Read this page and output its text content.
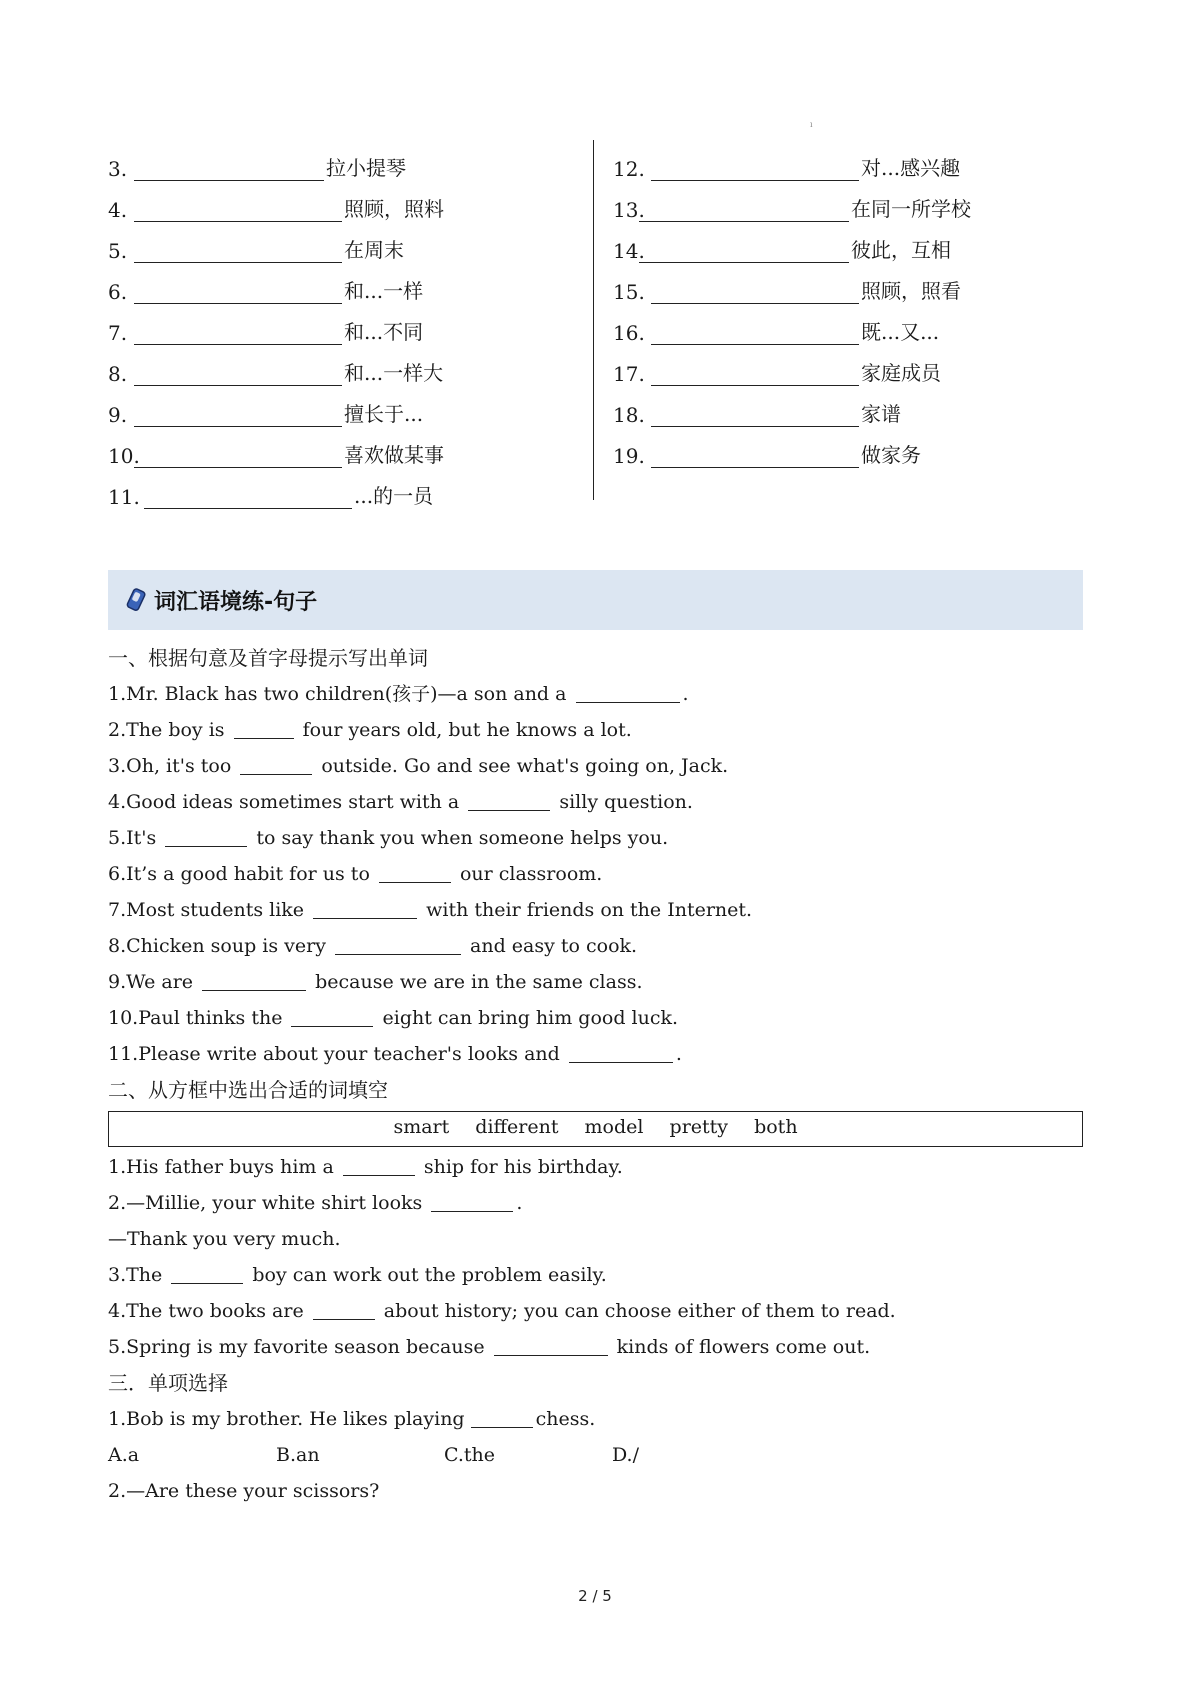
ı
3.	拉小提琴
4.	照顾，照料
5.	在周末
6.	和...一样
7.	和...不同
8.	和...一样大
9.	擅长于...
10.	喜欢做某事
11.	...的一员
12.	对...感兴趣
13.	在同一所学校
14.	彼此，互相
15.	照顾，照看
16.	既...又...
17.	家庭成员
18.	家谱
19.	做家务
词汇语境练-句子
一、根据句意及首字母提示写出单词
1.Mr. Black has two children(孩子)—a son and a	.
2.The boy is	four years old, but he knows a lot.
3.Oh, it's too	outside. Go and see what's going on, Jack.
4.Good ideas sometimes start with a	silly question.
5.It's	to say thank you when someone helps you.
6.It’s a good habit for us to	our classroom.
7.Most students like	with their friends on the Internet.
8.Chicken soup is very	and easy to cook.
9.We are	because we are in the same class.
10.Paul thinks the	eight can bring him good luck.
11.Please write about your teacher's looks and	.
二、从方框中选出合适的词填空
smart different model pretty both
1.His father buys him a	ship for his birthday.
2.—Millie, your white shirt looks	.
—Thank you very much.
3.The	boy can work out the problem easily.
4.The two books are	about history; you can choose either of them to read.
5.Spring is my favorite season because	kinds of flowers come out.
三．单项选择
1.Bob is my brother. He likes playing	chess.
A.a	B.an	C.the	D./
2.—Are these your scissors?
2 / 5
